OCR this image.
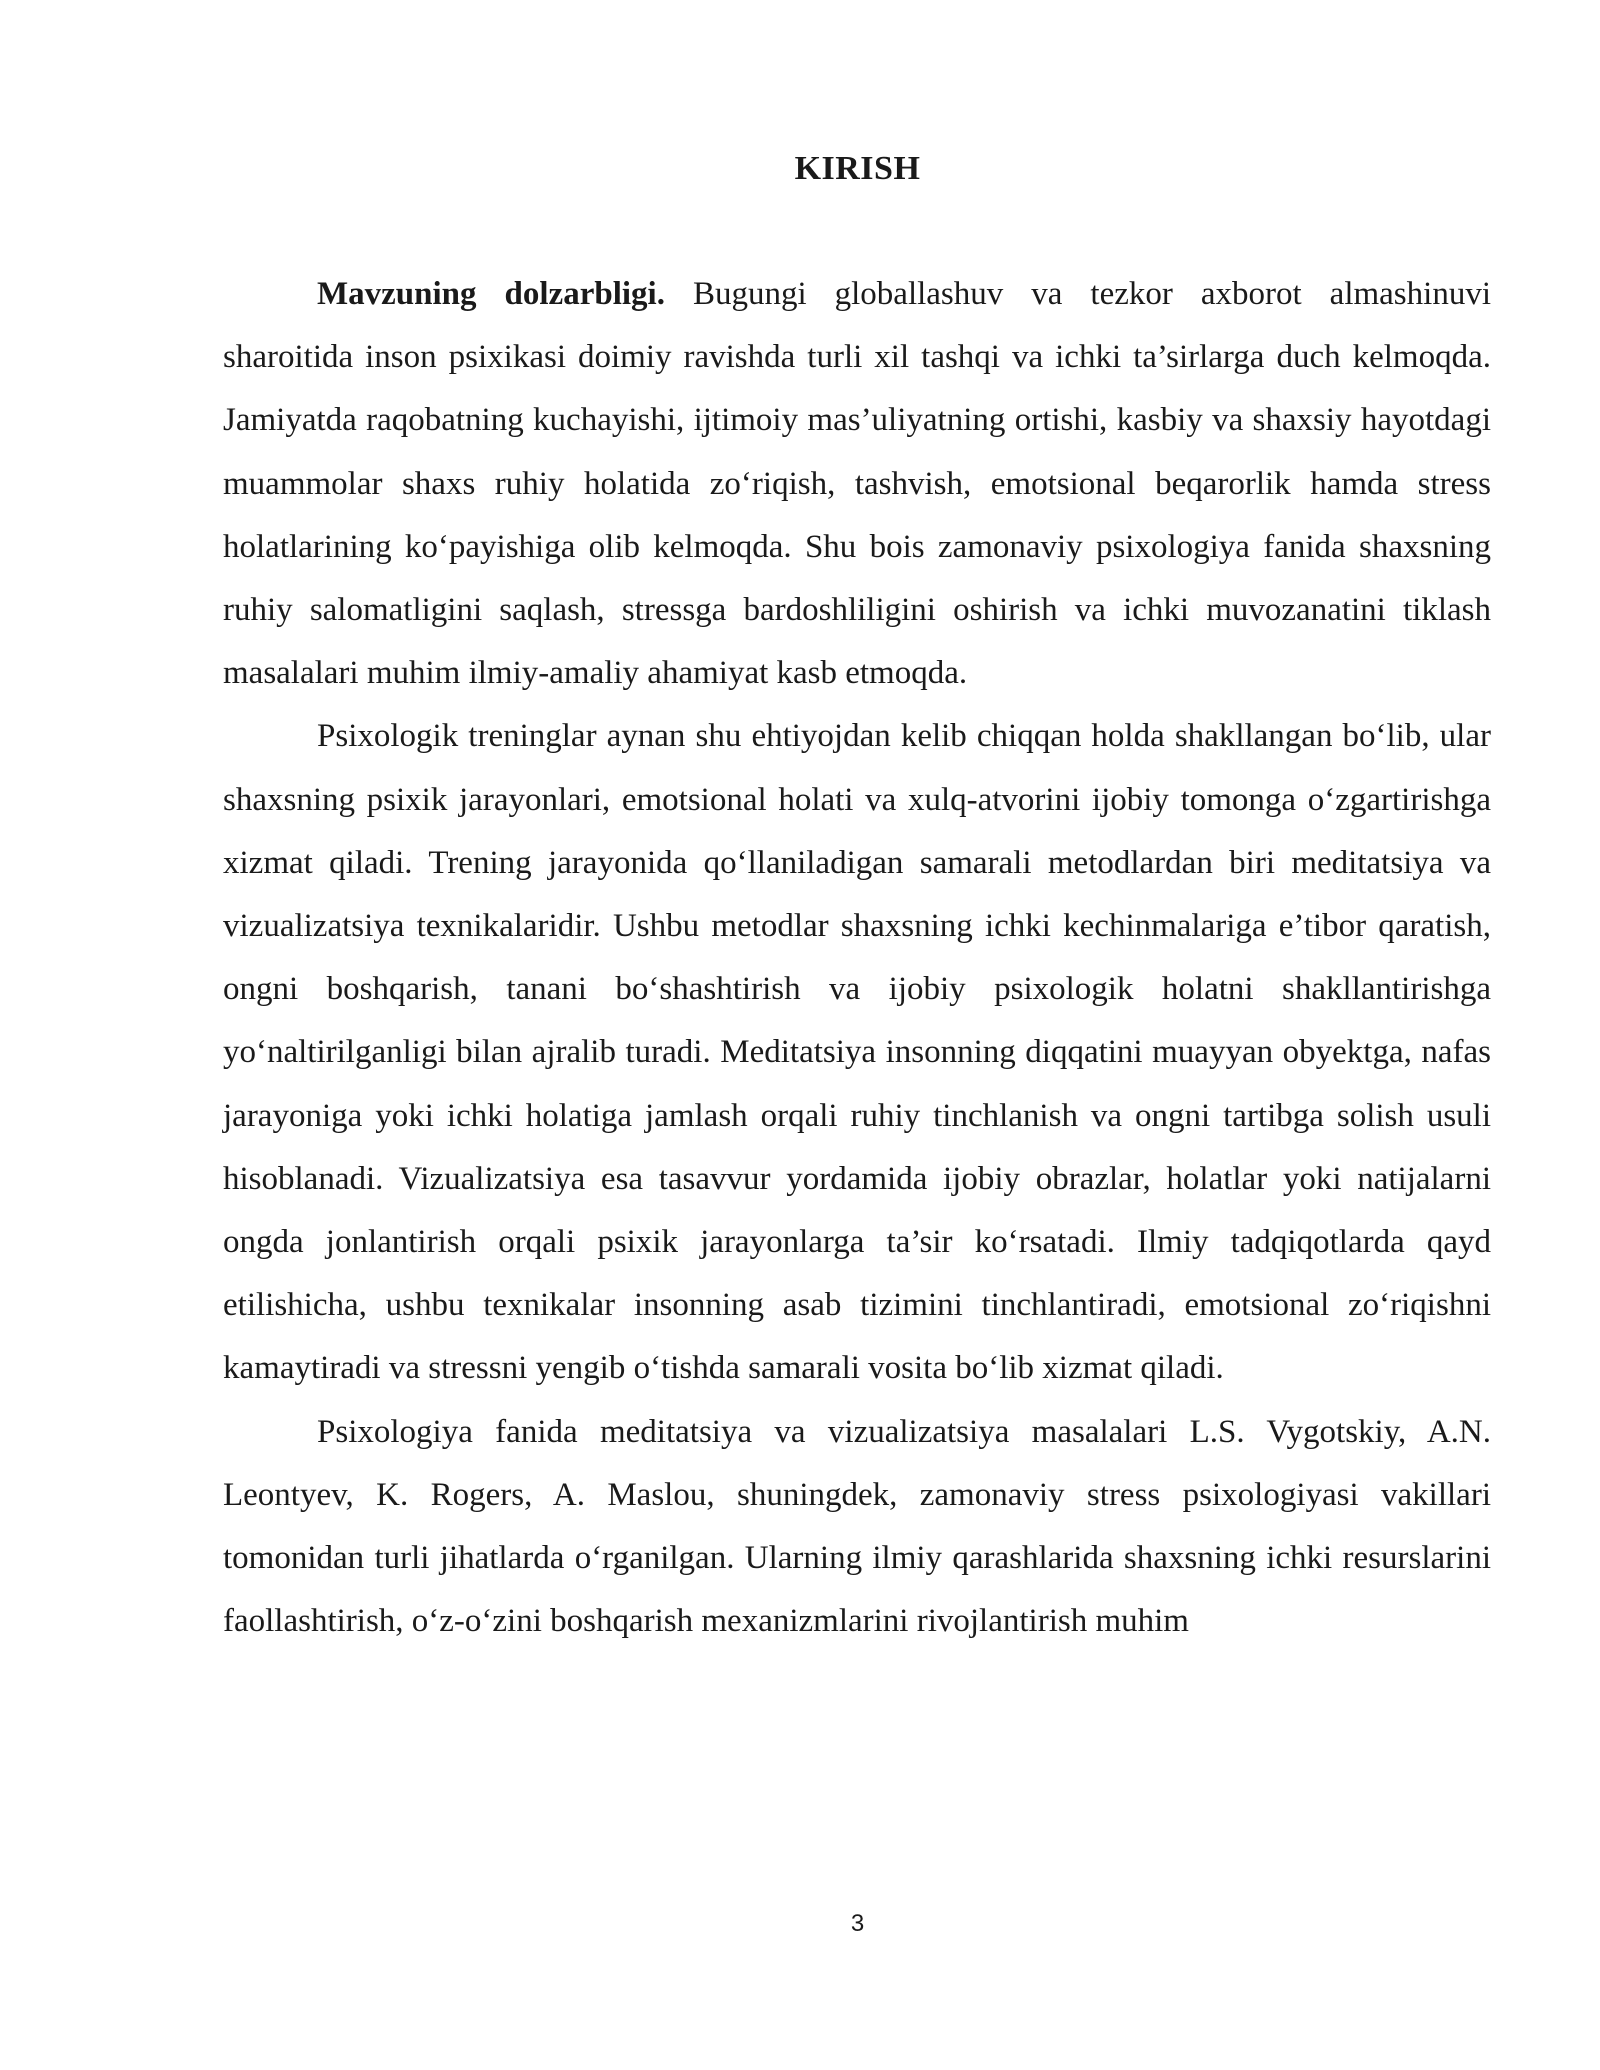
KIRISH

Mavzuning dolzarbligi. Bugungi globallashuv va tezkor axborot almashinuvi sharoitida inson psixikasi doimiy ravishda turli xil tashqi va ichki ta’sirlarga duch kelmoqda. Jamiyatda raqobatning kuchayishi, ijtimoiy mas’uliyatning ortishi, kasbiy va shaxsiy hayotdagi muammolar shaxs ruhiy holatida zo‘riqish, tashvish, emotsional beqarorlik hamda stress holatlarining ko‘payishiga olib kelmoqda. Shu bois zamonaviy psixologiya fanida shaxsning ruhiy salomatligini saqlash, stressga bardoshliligini oshirish va ichki muvozanatini tiklash masalalari muhim ilmiy-amaliy ahamiyat kasb etmoqda.

Psixologik treninglar aynan shu ehtiyojdan kelib chiqqan holda shakllangan bo‘lib, ular shaxsning psixik jarayonlari, emotsional holati va xulq-atvorini ijobiy tomonga o‘zgartirishga xizmat qiladi. Trening jarayonida qo‘llaniladigan samarali metodlardan biri meditatsiya va vizualizatsiya texnikalaridir. Ushbu metodlar shaxsning ichki kechinmalariga e’tibor qaratish, ongni boshqarish, tanani bo‘shashtirish va ijobiy psixologik holatni shakllantirishga yo‘naltirilganligi bilan ajralib turadi. Meditatsiya insonning diqqatini muayyan obyektga, nafas jarayoniga yoki ichki holatiga jamlash orqali ruhiy tinchlanish va ongni tartibga solish usuli hisoblanadi. Vizualizatsiya esa tasavvur yordamida ijobiy obrazlar, holatlar yoki natijalarni ongda jonlantirish orqali psixik jarayonlarga ta’sir ko‘rsatadi. Ilmiy tadqiqotlarda qayd etilishicha, ushbu texnikalar insonning asab tizimini tinchlantiradi, emotsional zo‘riqishni kamaytiradi va stressni yengib o‘tishda samarali vosita bo‘lib xizmat qiladi.

Psixologiya fanida meditatsiya va vizualizatsiya masalalari L.S. Vygotskiy, A.N. Leontyev, K. Rogers, A. Maslou, shuningdek, zamonaviy stress psixologiyasi vakillari tomonidan turli jihatlarda o‘rganilgan. Ularning ilmiy qarashlarida shaxsning ichki resurslarini faollashtirish, o‘z-o‘zini boshqarish mexanizmlarini rivojlantirish muhim

3
